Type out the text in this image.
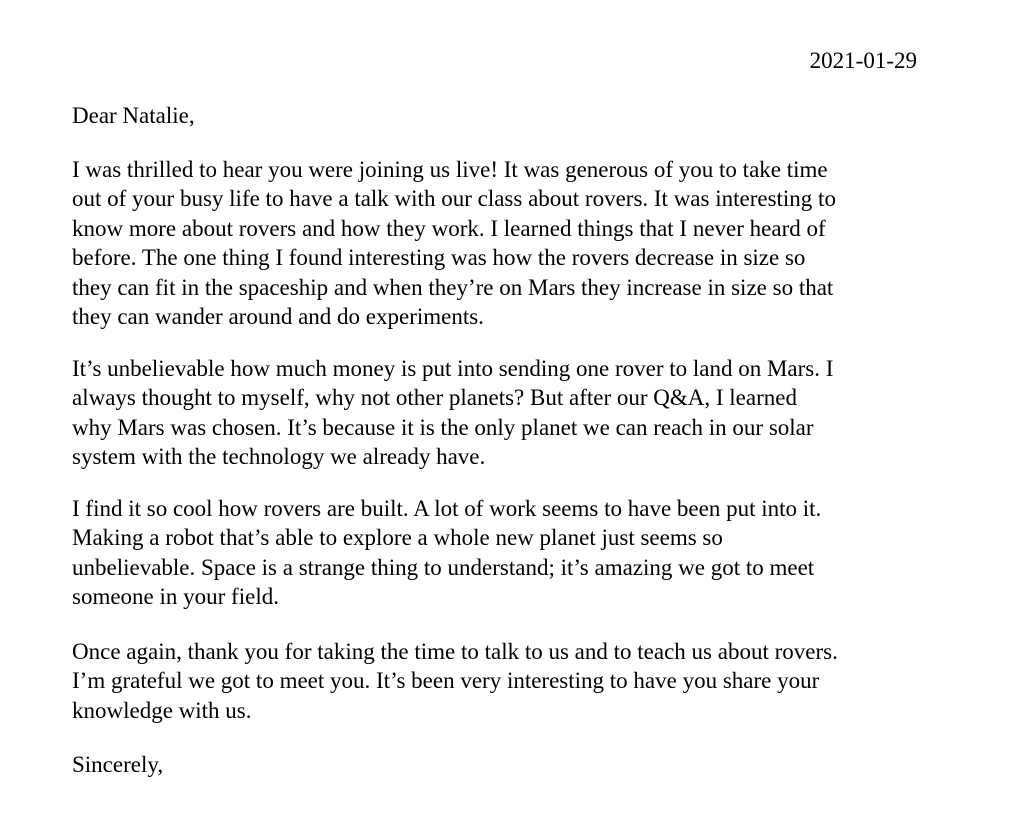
2021-01-29
Dear Natalie,
I was thrilled to hear you were joining us live! It was generous of you to take time
out of your busy life to have a talk with our class about rovers. It was interesting to
know more about rovers and how they work. I learned things that I never heard of
before. The one thing I found interesting was how the rovers decrease in size so
they can fit in the spaceship and when they’re on Mars they increase in size so that
they can wander around and do experiments.
It’s unbelievable how much money is put into sending one rover to land on Mars. I
always thought to myself, why not other planets? But after our Q&A, I learned
why Mars was chosen. It’s because it is the only planet we can reach in our solar
system with the technology we already have.
I find it so cool how rovers are built. A lot of work seems to have been put into it.
Making a robot that’s able to explore a whole new planet just seems so
unbelievable. Space is a strange thing to understand; it’s amazing we got to meet
someone in your field.
Once again, thank you for taking the time to talk to us and to teach us about rovers.
I’m grateful we got to meet you. It’s been very interesting to have you share your
knowledge with us.
Sincerely,
